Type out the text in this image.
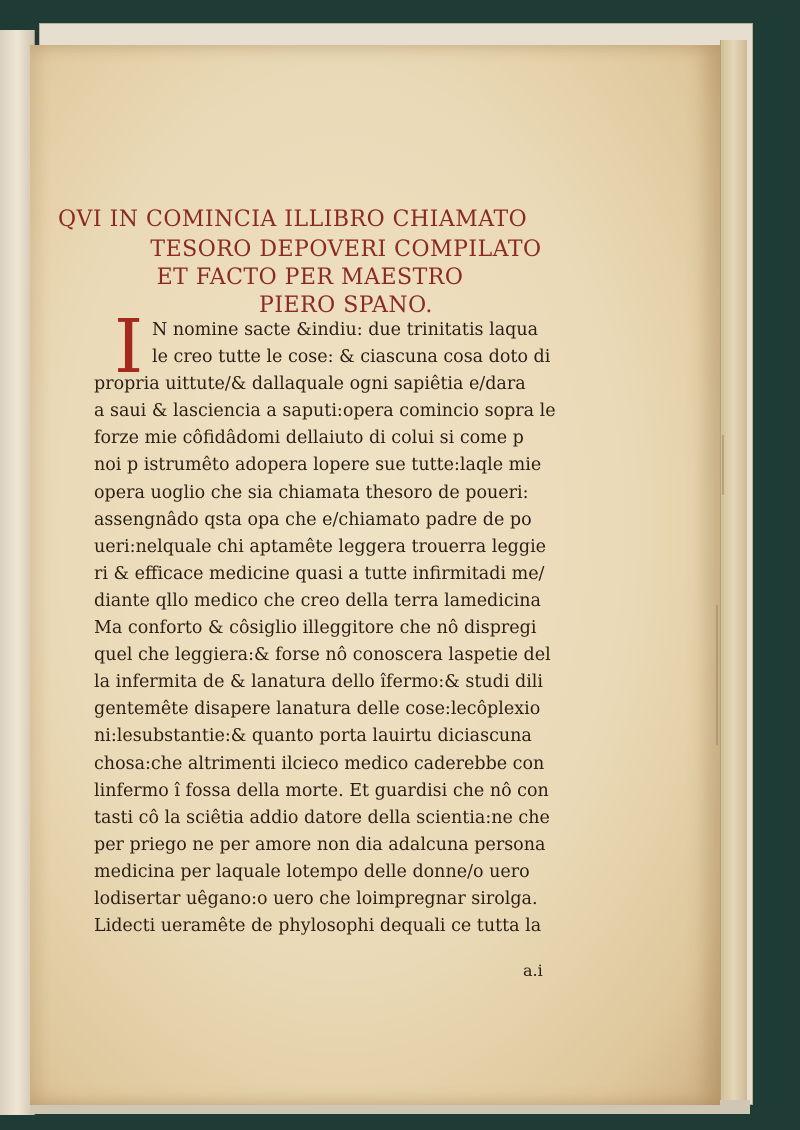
QVI IN COMINCIA ILLIBRO CHIAMATO
TESORO DEPOVERI COMPILATO
ET FACTO PER MAESTRO
PIERO SPANO.
I N nomine sacte &indiu: due trinitatis laqua
le creo tutte le cose: & ciascuna cosa doto di
propria uittute/& dallaquale ogni sapiêtia e/dara
a saui & lasciencia a saputi:opera comincio sopra le
forze mie côfidâdomi dellaiuto di colui si come p
noi p istrumêto adopera lopere sue tutte:laqle mie
opera uoglio che sia chiamata thesoro de poueri:
assengnâdo qsta opa che e/chiamato padre de po
ueri:nelquale chi aptamête leggera trouerra leggie
ri & efficace medicine quasi a tutte infirmitadi me/
diante qllo medico che creo della terra lamedicina
Ma conforto & côsiglio illeggitore che nô dispregi
quel che leggiera:& forse nô conoscera laspetie del
la infermita de & lanatura dello îfermo:& studi dili
gentemête disapere lanatura delle cose:lecôplexio
ni:lesubstantie:& quanto porta lauirtu diciascuna
chosa:che altrimenti ilcieco medico caderebbe con
linfermo î fossa della morte. Et guardisi che nô con
tasti cô la sciêtia addio datore della scientia:ne che
per priego ne per amore non dia adalcuna persona
medicina per laquale lotempo delle donne/o uero
lodisertar uêgano:o uero che loimpregnar sirolga.
Lidecti ueramête de phylosophi dequali ce tutta la
a.i
